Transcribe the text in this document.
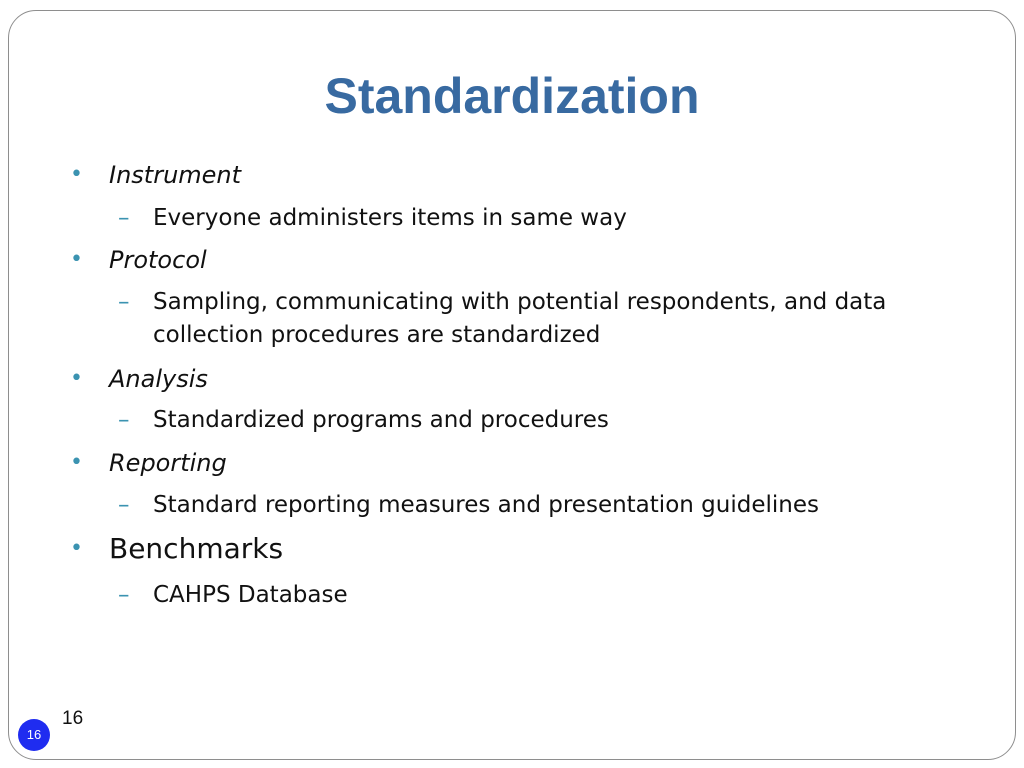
Standardization
• Instrument
– Everyone administers items in same way
• Protocol
– Sampling, communicating with potential respondents, and data collection procedures are standardized
• Analysis
– Standardized programs and procedures
• Reporting
– Standard reporting measures and presentation guidelines
• Benchmarks
– CAHPS Database
16
16
